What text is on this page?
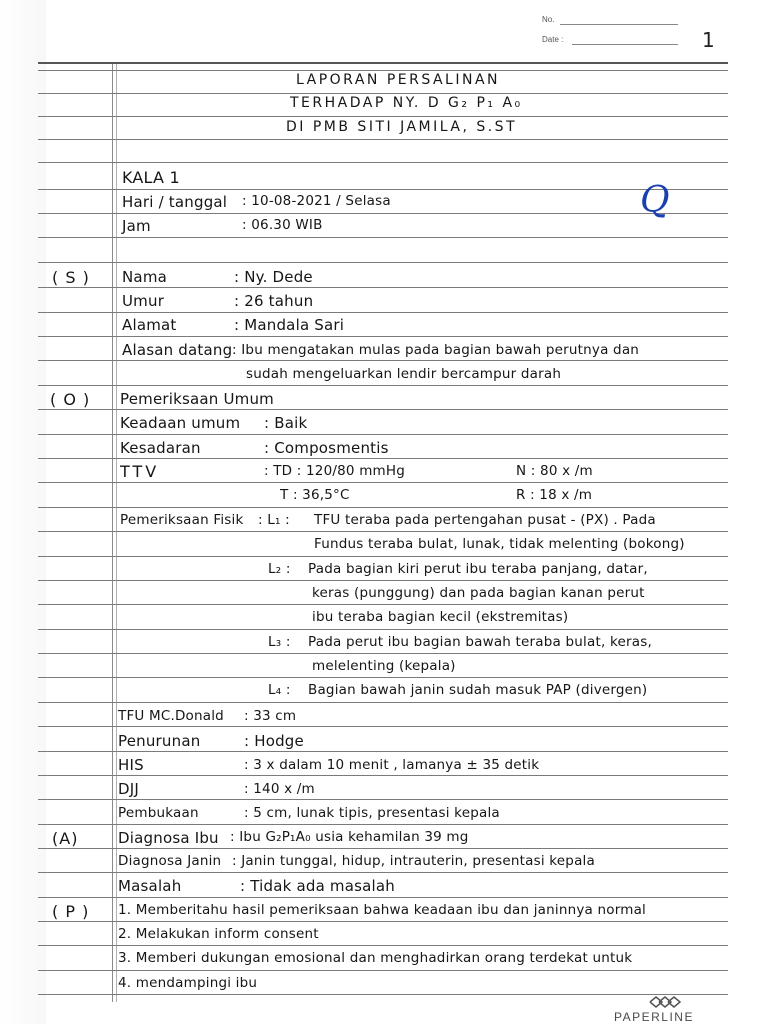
No.
Date :	1
LAPORAN PERSALINAN
TERHADAP NY. D G₂ P₁ A₀
DI PMB SITI JAMILA, S.ST
KALA 1
Hari / tanggal : 10-08-2021 / Selasa
Jam	: 06.30 WIB
Q
( S ) Nama	: Ny. Dede
Umur	: 26 tahun
Alamat	: Mandala Sari
Alasan datang : Ibu mengatakan mulas pada bagian bawah perutnya dan
sudah mengeluarkan lendir bercampur darah
( O ) Pemeriksaan Umum
Keadaan umum : Baik
Kesadaran	: Composmentis
TTV	: TD : 120/80 mmHg	N : 80 x /m
T : 36,5°C	R : 18 x /m
Pemeriksaan Fisik : L₁ : TFU teraba pada pertengahan pusat - (PX) . Pada
Fundus teraba bulat, lunak, tidak melenting (bokong)
L₂ : Pada bagian kiri perut ibu teraba panjang, datar,
keras (punggung) dan pada bagian kanan perut
ibu teraba bagian kecil (ekstremitas)
L₃ : Pada perut ibu bagian bawah teraba bulat, keras,
melelenting (kepala)
L₄ : Bagian bawah janin sudah masuk PAP (divergen)
TFU MC.Donald : 33 cm
Penurunan	: Hodge
HIS	: 3 x dalam 10 menit , lamanya ± 35 detik
DJJ	: 140 x /m
Pembukaan	: 5 cm, lunak tipis, presentasi kepala
(A)	Diagnosa Ibu : Ibu G₂P₁A₀ usia kehamilan 39 mg
Diagnosa Janin : Janin tunggal, hidup, intrauterin, presentasi kepala
Masalah	: Tidak ada masalah
( P ) 1. Memberitahu hasil pemeriksaan bahwa keadaan ibu dan janinnya normal
2. Melakukan inform consent
3. Memberi dukungan emosional dan menghadirkan orang terdekat untuk
4. mendampingi ibu
PAPERLINE
